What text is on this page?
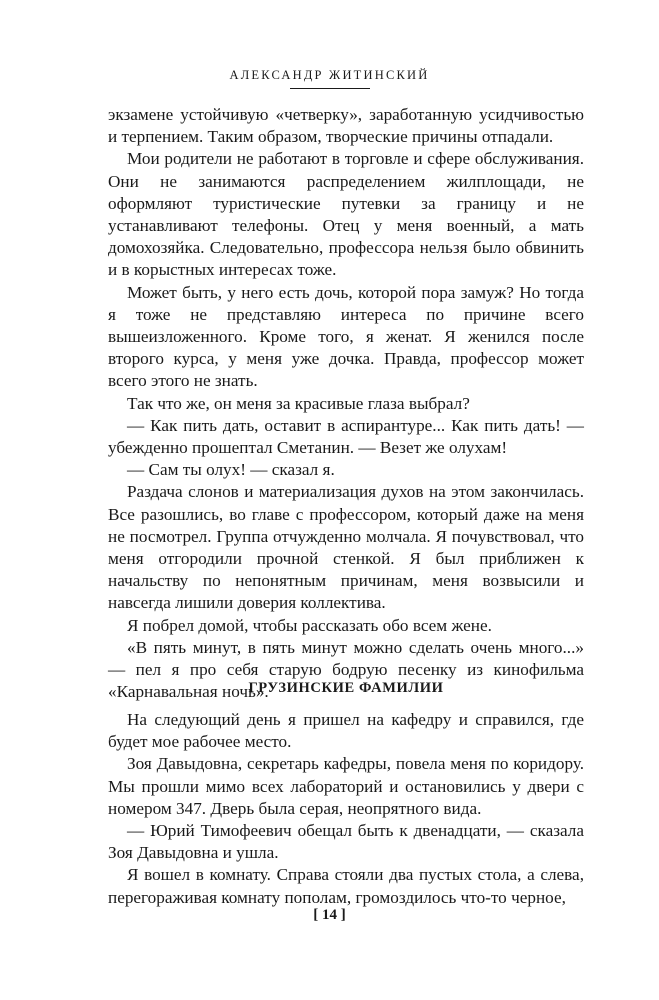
АЛЕКСАНДР ЖИТИНСКИЙ

экзамене устойчивую «четверку», заработанную усидчивостью и терпением. Таким образом, творческие причины отпадали.

Мои родители не работают в торговле и сфере обслуживания. Они не занимаются распределением жилплощади, не оформляют туристические путевки за границу и не устанавливают телефоны. Отец у меня военный, а мать домохозяйка. Следовательно, профессора нельзя было обвинить и в корыстных интересах тоже.

Может быть, у него есть дочь, которой пора замуж? Но тогда я тоже не представляю интереса по причине всего вышеизложенного. Кроме того, я женат. Я женился после второго курса, у меня уже дочка. Правда, профессор может всего этого не знать.

Так что же, он меня за красивые глаза выбрал?

— Как пить дать, оставит в аспирантуре... Как пить дать! — убежденно прошептал Сметанин. — Везет же олухам!

— Сам ты олух! — сказал я.

Раздача слонов и материализация духов на этом закончилась. Все разошлись, во главе с профессором, который даже на меня не посмотрел. Группа отчужденно молчала. Я почувствовал, что меня отгородили прочной стенкой. Я был приближен к начальству по непонятным причинам, меня возвысили и навсегда лишили доверия коллектива.

Я побрел домой, чтобы рассказать обо всем жене.

«В пять минут, в пять минут можно сделать очень много...» — пел я про себя старую бодрую песенку из кинофильма «Карнавальная ночь».

ГРУЗИНСКИЕ ФАМИЛИИ

На следующий день я пришел на кафедру и справился, где будет мое рабочее место.

Зоя Давыдовна, секретарь кафедры, повела меня по коридору. Мы прошли мимо всех лабораторий и остановились у двери с номером 347. Дверь была серая, неопрятного вида.

— Юрий Тимофеевич обещал быть к двенадцати, — сказала Зоя Давыдовна и ушла.

Я вошел в комнату. Справа стояли два пустых стола, а слева, перегораживая комнату пополам, громоздилось что-то черное,

[ 14 ]
